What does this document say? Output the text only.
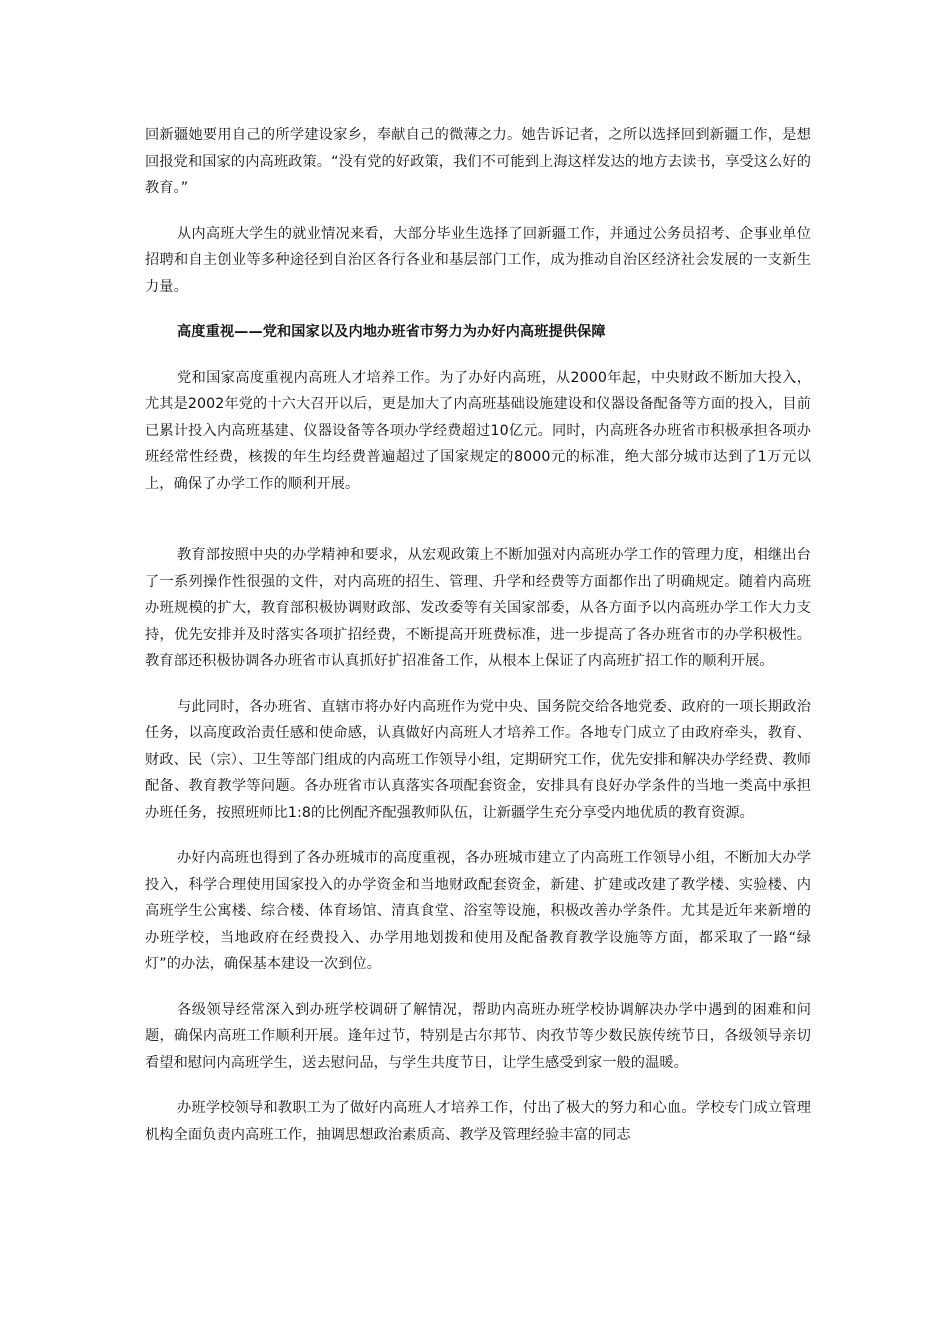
回新疆她要用自己的所学建设家乡，奉献自己的微薄之力。她告诉记者，之所以选择回到新疆工作，是想回报党和国家的内高班政策。“没有党的好政策，我们不可能到上海这样发达的地方去读书，享受这么好的教育。”

从内高班大学生的就业情况来看，大部分毕业生选择了回新疆工作，并通过公务员招考、企事业单位招聘和自主创业等多种途径到自治区各行各业和基层部门工作，成为推动自治区经济社会发展的一支新生力量。

高度重视——党和国家以及内地办班省市努力为办好内高班提供保障

党和国家高度重视内高班人才培养工作。为了办好内高班，从2000年起，中央财政不断加大投入，尤其是2002年党的十六大召开以后，更是加大了内高班基础设施建设和仪器设备配备等方面的投入，目前已累计投入内高班基建、仪器设备等各项办学经费超过10亿元。同时，内高班各办班省市积极承担各项办班经常性经费，核拨的年生均经费普遍超过了国家规定的8000元的标准，绝大部分城市达到了1万元以上，确保了办学工作的顺利开展。

教育部按照中央的办学精神和要求，从宏观政策上不断加强对内高班办学工作的管理力度，相继出台了一系列操作性很强的文件，对内高班的招生、管理、升学和经费等方面都作出了明确规定。随着内高班办班规模的扩大，教育部积极协调财政部、发改委等有关国家部委，从各方面予以内高班办学工作大力支持，优先安排并及时落实各项扩招经费，不断提高开班费标准，进一步提高了各办班省市的办学积极性。教育部还积极协调各办班省市认真抓好扩招准备工作，从根本上保证了内高班扩招工作的顺利开展。

与此同时，各办班省、直辖市将办好内高班作为党中央、国务院交给各地党委、政府的一项长期政治任务，以高度政治责任感和使命感，认真做好内高班人才培养工作。各地专门成立了由政府牵头，教育、财政、民（宗）、卫生等部门组成的内高班工作领导小组，定期研究工作，优先安排和解决办学经费、教师配备、教育教学等问题。各办班省市认真落实各项配套资金，安排具有良好办学条件的当地一类高中承担办班任务，按照班师比1:8的比例配齐配强教师队伍，让新疆学生充分享受内地优质的教育资源。

办好内高班也得到了各办班城市的高度重视，各办班城市建立了内高班工作领导小组，不断加大办学投入，科学合理使用国家投入的办学资金和当地财政配套资金，新建、扩建或改建了教学楼、实验楼、内高班学生公寓楼、综合楼、体育场馆、清真食堂、浴室等设施，积极改善办学条件。尤其是近年来新增的办班学校，当地政府在经费投入、办学用地划拨和使用及配备教育教学设施等方面，都采取了一路“绿灯”的办法，确保基本建设一次到位。

各级领导经常深入到办班学校调研了解情况，帮助内高班办班学校协调解决办学中遇到的困难和问题，确保内高班工作顺利开展。逢年过节，特别是古尔邦节、肉孜节等少数民族传统节日，各级领导亲切看望和慰问内高班学生，送去慰问品，与学生共度节日，让学生感受到家一般的温暖。

办班学校领导和教职工为了做好内高班人才培养工作，付出了极大的努力和心血。学校专门成立管理机构全面负责内高班工作，抽调思想政治素质高、教学及管理经验丰富的同志
